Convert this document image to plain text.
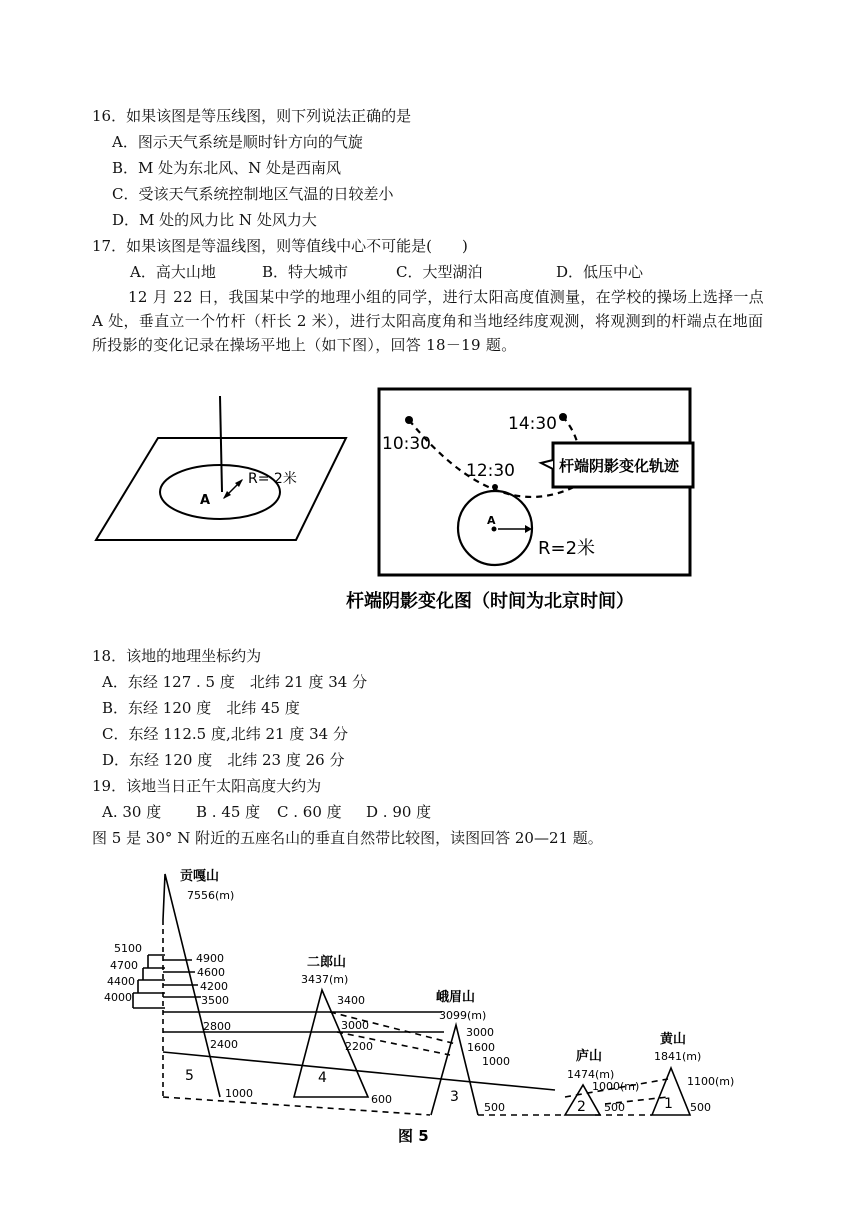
16．如果该图是等压线图，则下列说法正确的是
A．图示天气系统是顺时针方向的气旋
B．M 处为东北风、N 处是西南风
C．受该天气系统控制地区气温的日较差小
D．M 处的风力比 N 处风力大
17．如果该图是等温线图，则等值线中心不可能是(　　)
A．高大山地	B．特大城市	C．大型湖泊	D．低压中心
12 月 22 日，我国某中学的地理小组的同学，进行太阳高度值测量，在学校的操场上选择一点 A 处，垂直立一个竹杆（杆长 2 米），进行太阳高度角和当地经纬度观测，将观测到的杆端点在地面所投影的变化记录在操场平地上（如下图），回答 18－19 题。
A
R= 2米
10:30
14:30
12:30	杆端阴影变化轨迹
A
R=2米
杆端阴影变化图（时间为北京时间）
18．该地的地理坐标约为
A．东经 127 . 5 度　北纬 21 度 34 分
B．东经 120 度　北纬 45 度
C．东经 112.5 度,北纬 21 度 34 分
D．东经 120 度　北纬 23 度 26 分
19．该地当日正午太阳高度大约为
A. 30 度 B . 45 度 C . 60 度 D . 90 度
图 5 是 30° N 附近的五座名山的垂直自然带比较图，读图回答 20—21 题。
贡嘎山
7556(m)
5100
4700
4400
4000
4900
4600
4200
3500
2800
2400
1000
5
二郎山
3437(m)
3400
3000
2200
600
4
峨眉山
3099(m)
3000
1600
1000
500
3
庐山
1474(m)
1000(m)
500
2
黄山
1841(m)
1100(m)
500
1
图 5
